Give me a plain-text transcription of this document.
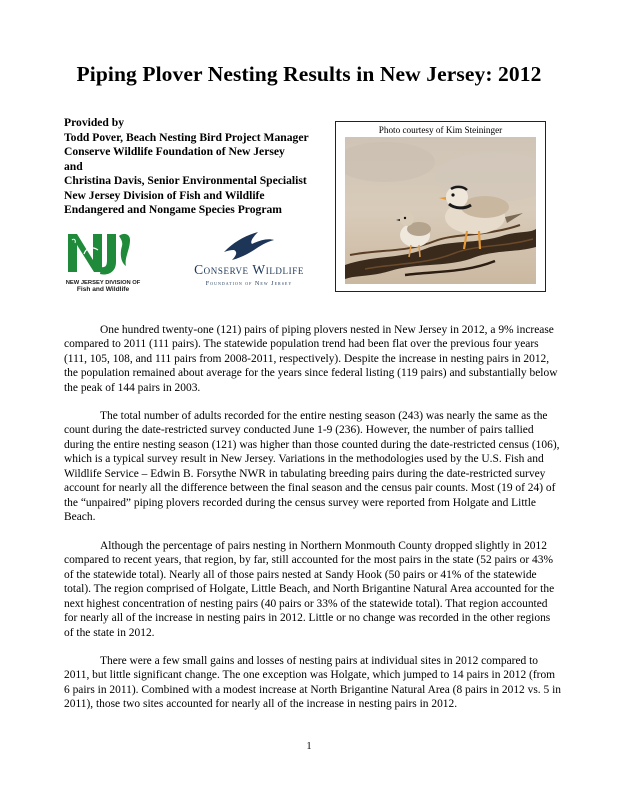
Piping Plover Nesting Results in New Jersey: 2012
Provided by
Todd Pover, Beach Nesting Bird Project Manager
Conserve Wildlife Foundation of New Jersey
and
Christina Davis, Senior Environmental Specialist
New Jersey Division of Fish and Wildlife
Endangered and Nongame Species Program
Photo courtesy of Kim Steininger
NEW JERSEY DIVISION OF
Fish and Wildlife
Conserve Wildlife
Foundation of New Jersey

One hundred twenty-one (121) pairs of piping plovers nested in New Jersey in 2012, a 9% increase compared to 2011 (111 pairs). The statewide population trend had been flat over the previous four years (111, 105, 108, and 111 pairs from 2008-2011, respectively). Despite the increase in nesting pairs in 2012, the population remained about average for the years since federal listing (119 pairs) and substantially below the peak of 144 pairs in 2003.

The total number of adults recorded for the entire nesting season (243) was nearly the same as the count during the date-restricted survey conducted June 1-9 (236). However, the number of pairs tallied during the entire nesting season (121) was higher than those counted during the date-restricted census (106), which is a typical survey result in New Jersey. Variations in the methodologies used by the U.S. Fish and Wildlife Service – Edwin B. Forsythe NWR in tabulating breeding pairs during the date-restricted survey account for nearly all the difference between the final season and the census pair counts. Most (19 of 24) of the “unpaired” piping plovers recorded during the census survey were reported from Holgate and Little Beach.

Although the percentage of pairs nesting in Northern Monmouth County dropped slightly in 2012 compared to recent years, that region, by far, still accounted for the most pairs in the state (52 pairs or 43% of the statewide total). Nearly all of those pairs nested at Sandy Hook (50 pairs or 41% of the statewide total). The region comprised of Holgate, Little Beach, and North Brigantine Natural Area accounted for the next highest concentration of nesting pairs (40 pairs or 33% of the statewide total). That region accounted for nearly all of the increase in nesting pairs in 2012. Little or no change was recorded in the other regions of the state in 2012.

There were a few small gains and losses of nesting pairs at individual sites in 2012 compared to 2011, but little significant change. The one exception was Holgate, which jumped to 14 pairs in 2012 (from 6 pairs in 2011). Combined with a modest increase at North Brigantine Natural Area (8 pairs in 2012 vs. 5 in 2011), those two sites accounted for nearly all of the increase in nesting pairs in 2012.

1
